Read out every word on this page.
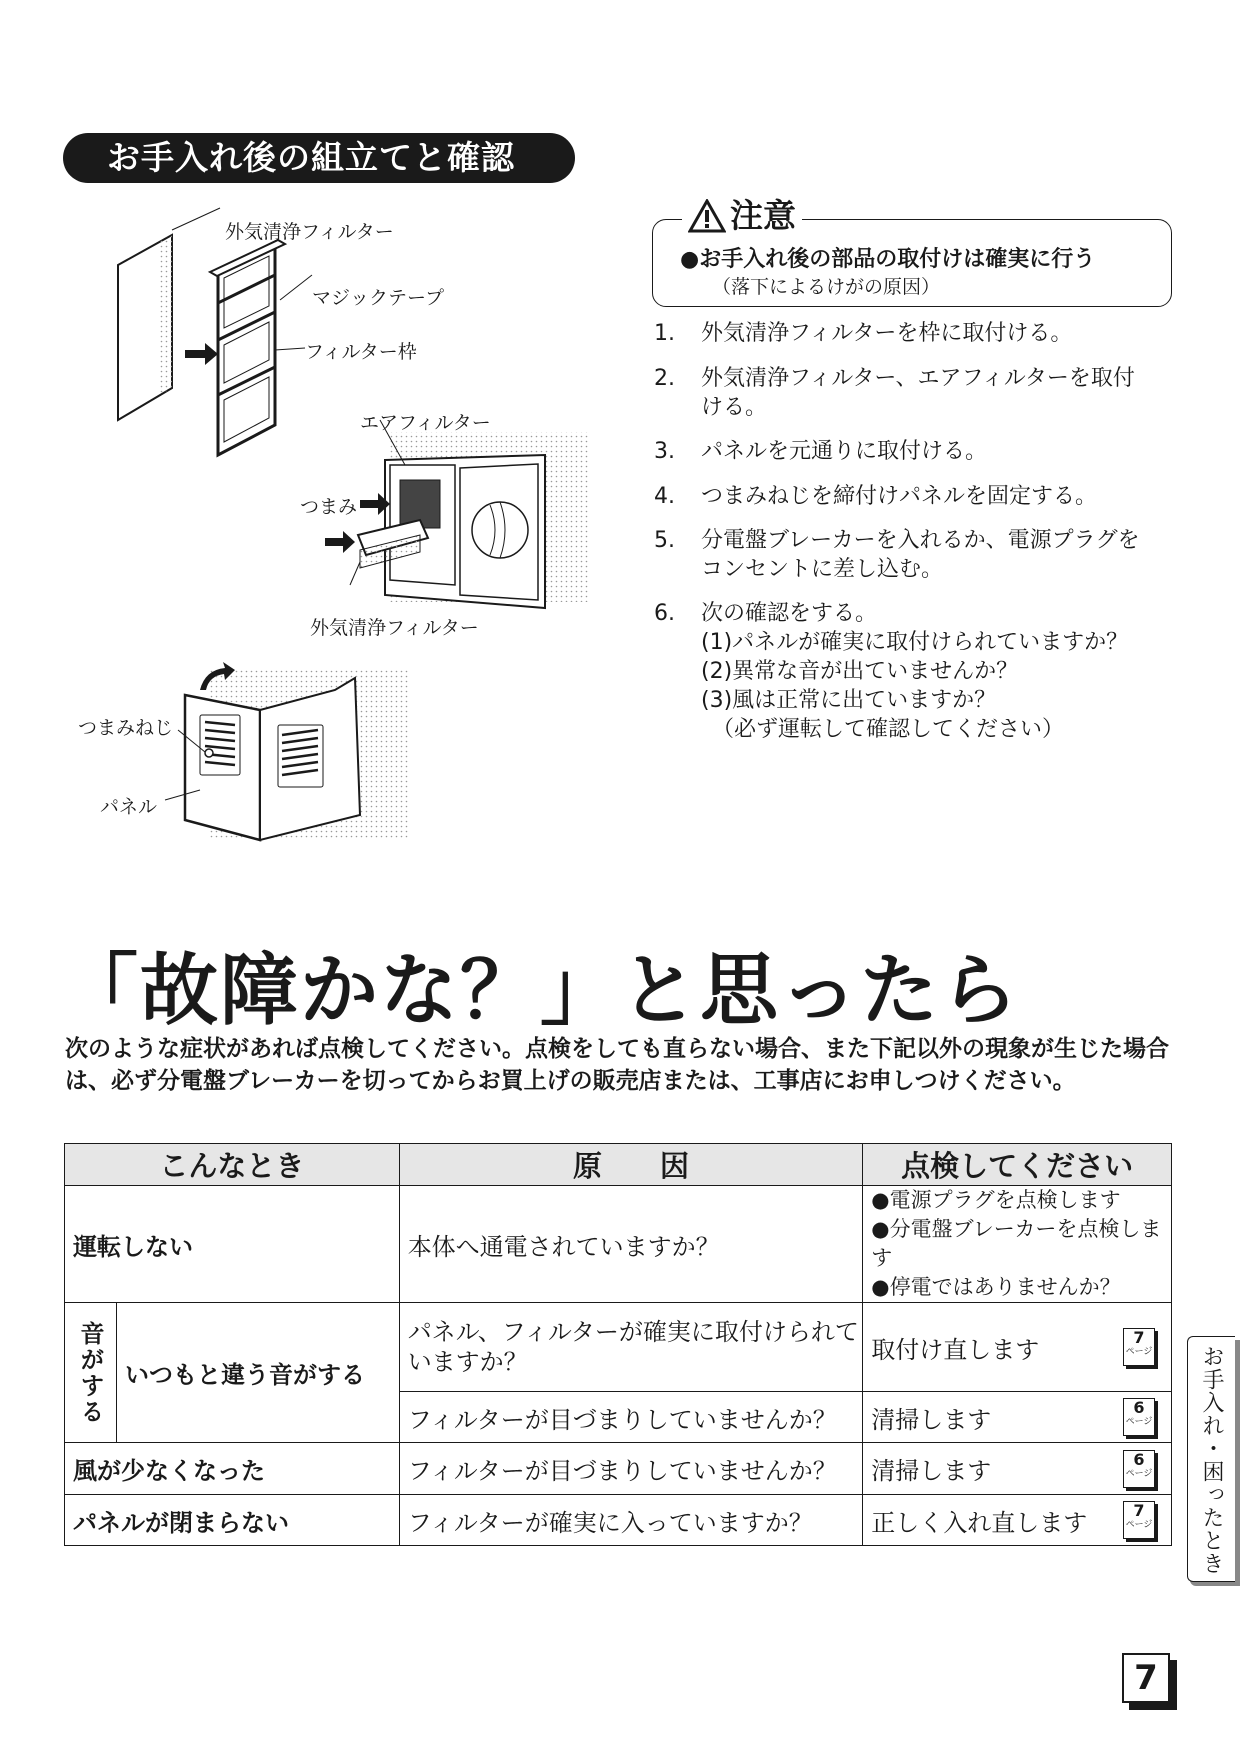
お手入れ後の組立てと確認
外気清浄フィルター
マジックテープ
フィルター枠
エアフィルター
つまみ
外気清浄フィルター
つまみねじ
パネル
注意
●お手入れ後の部品の取付けは確実に行う
（落下によるけがの原因）
1. 外気清浄フィルターを枠に取付ける。
2. 外気清浄フィルター、エアフィルターを取付
ける。
3. パネルを元通りに取付ける。
4. つまみねじを締付けパネルを固定する。
5. 分電盤ブレーカーを入れるか、電源プラグを
コンセントに差し込む。
6. 次の確認をする。
(1)パネルが確実に取付けられていますか？
(2)異常な音が出ていませんか？
(3)風は正常に出ていますか？
　（必ず運転して確認してください）
「故障かな？」と思ったら
次のような症状があれば点検してください。点検をしても直らない場合、また下記以外の現象が生じた場合は、必ず分電盤ブレーカーを切ってからお買上げの販売店または、工事店にお申しつけください。
こんなとき		原　　因	点検してください
運転しない		本体へ通電されていますか？	●電源プラグを点検します
●分電盤ブレーカーを点検します
●停電ではありませんか？

音がする	いつもと違う音がする	パネル、フィルターが確実に取付けられていますか？	取付け直します 7
ページ

		フィルターが目づまりしていませんか？	清掃します 6
ページ

風が少なくなった		フィルターが目づまりしていませんか？	清掃します 6
ページ

パネルが閉まらない		フィルターが確実に入っていますか？	正しく入れ直します 7
ページ お手入れ・困ったとき
7
